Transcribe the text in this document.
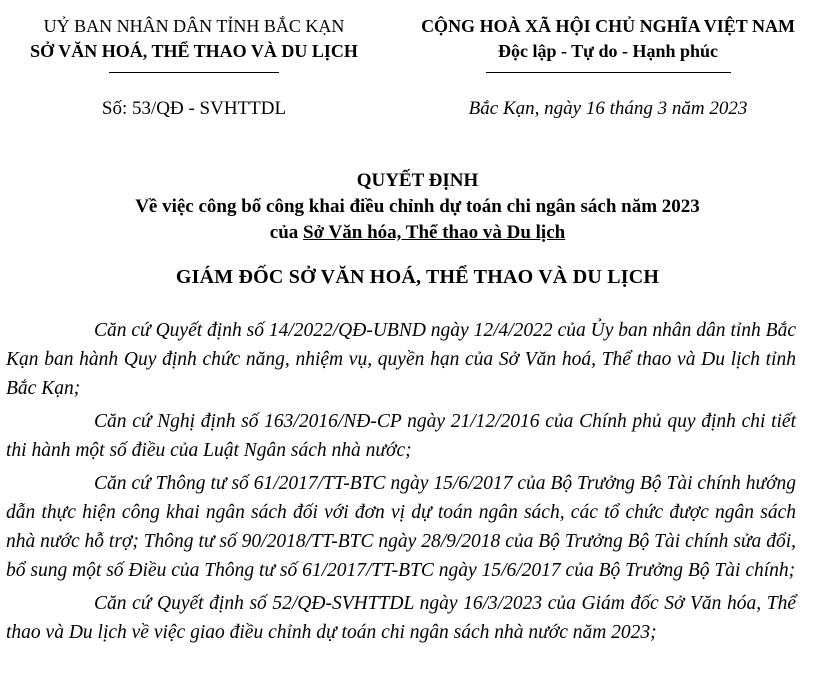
UỶ BAN NHÂN DÂN TỈNH BẮC KẠN
SỞ VĂN HOÁ, THỂ THAO VÀ DU LỊCH
CỘNG HOÀ XÃ HỘI CHỦ NGHĨA VIỆT NAM
Độc lập - Tự do - Hạnh phúc
Số: 53/QĐ - SVHTTDL	Bắc Kạn, ngày 16 tháng 3 năm 2023
QUYẾT ĐỊNH
Về việc công bố công khai điều chỉnh dự toán chi ngân sách năm 2023
của Sở Văn hóa, Thể thao và Du lịch
GIÁM ĐỐC SỞ VĂN HOÁ, THỂ THAO VÀ DU LỊCH

Căn cứ Quyết định số 14/2022/QĐ-UBND ngày 12/4/2022 của Ủy ban nhân dân tỉnh Bắc Kạn ban hành Quy định chức năng, nhiệm vụ, quyền hạn của Sở Văn hoá, Thể thao và Du lịch tỉnh Bắc Kạn;

Căn cứ Nghị định số 163/2016/NĐ-CP ngày 21/12/2016 của Chính phủ quy định chi tiết thi hành một số điều của Luật Ngân sách nhà nước;

Căn cứ Thông tư số 61/2017/TT-BTC ngày 15/6/2017 của Bộ Trưởng Bộ Tài chính hướng dẫn thực hiện công khai ngân sách đối với đơn vị dự toán ngân sách, các tổ chức được ngân sách nhà nước hỗ trợ; Thông tư số 90/2018/TT-BTC ngày 28/9/2018 của Bộ Trưởng Bộ Tài chính sửa đổi, bổ sung một số Điều của Thông tư số 61/2017/TT-BTC ngày 15/6/2017 của Bộ Trưởng Bộ Tài chính;

Căn cứ Quyết định số 52/QĐ-SVHTTDL ngày 16/3/2023 của Giám đốc Sở Văn hóa, Thể thao và Du lịch về việc giao điều chỉnh dự toán chi ngân sách nhà nước năm 2023;
